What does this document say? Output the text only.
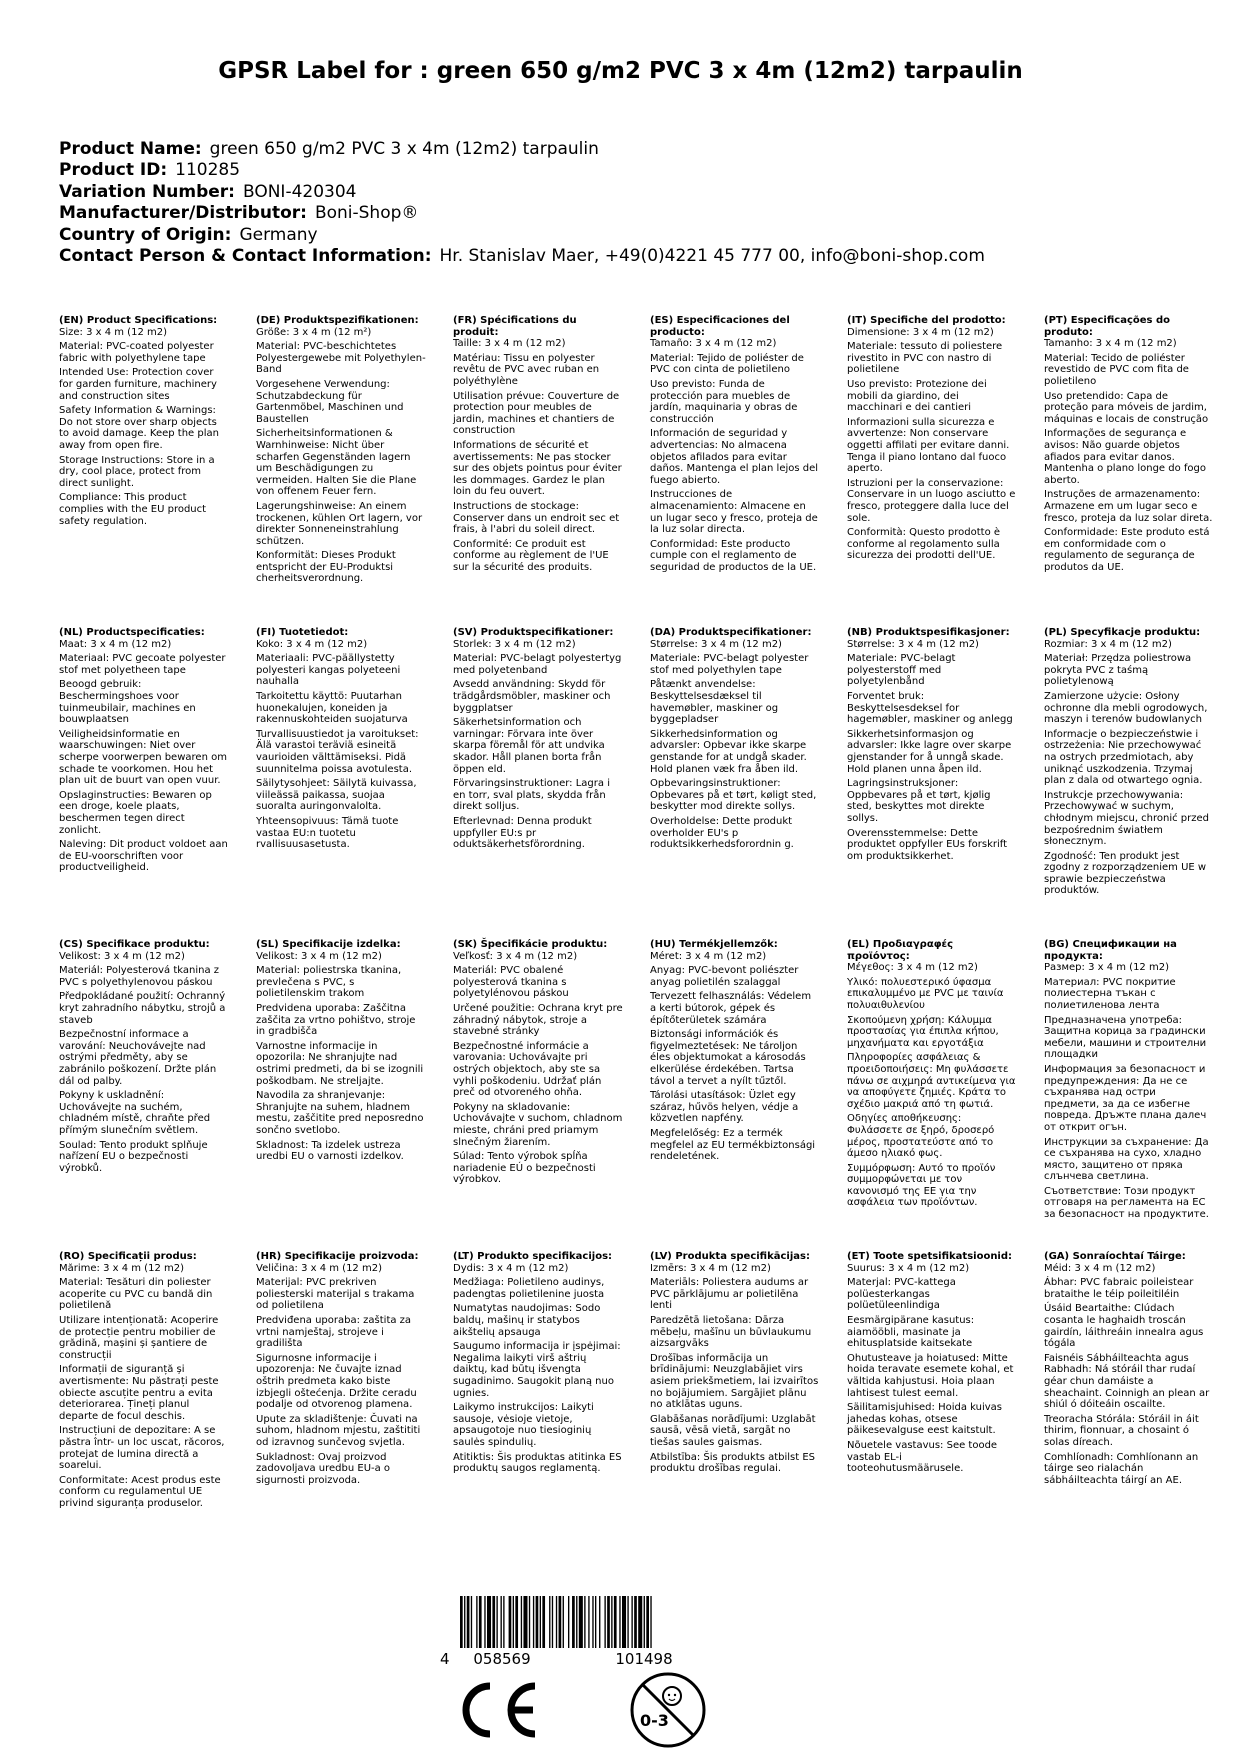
GPSR Label for : green 650 g/m2 PVC 3 x 4m (12m2) tarpaulin
Product Name: green 650 g/m2 PVC 3 x 4m (12m2) tarpaulin
Product ID: 110285
Variation Number: BONI-420304
Manufacturer/Distributor: Boni-Shop®
Country of Origin: Germany
Contact Person & Contact Information: Hr. Stanislav Maer, +49(0)4221 45 777 00, info@boni-shop.com
(EN) Product Specifications:
Size: 3 x 4 m (12 m2)
Material: PVC-coated polyester fabric with polyethylene tape
Intended Use: Protection cover for garden furniture, machinery and construction sites
Safety Information & Warnings: Do not store over sharp objects to avoid damage. Keep the plan away from open fire.
Storage Instructions: Store in a dry, cool place, protect from direct sunlight.
Compliance: This product complies with the EU product safety regulation.
(DE) Produktspezifikationen:
Größe: 3 x 4 m (12 m²)
Material: PVC-beschichtetes Polyestergewebe mit Polyethylen-Band
Vorgesehene Verwendung: Schutzabdeckung für Gartenmöbel, Maschinen und Baustellen
Sicherheitsinformationen & Warnhinweise: Nicht über scharfen Gegenständen lagern um Beschädigungen zu vermeiden. Halten Sie die Plane von offenem Feuer fern.
Lagerungshinweise: An einem trockenen, kühlen Ort lagern, vor direkter Sonneneinstrahlung schützen.
Konformität: Dieses Produkt entspricht der EU-Produktsi cherheitsverordnung.
(FR) Spécifications du produit:
Taille: 3 x 4 m (12 m2)
Matériau: Tissu en polyester revêtu de PVC avec ruban en polyéthylène
Utilisation prévue: Couverture de protection pour meubles de jardin, machines et chantiers de construction
Informations de sécurité et avertissements: Ne pas stocker sur des objets pointus pour éviter les dommages. Gardez le plan loin du feu ouvert.
Instructions de stockage: Conserver dans un endroit sec et frais, à l'abri du soleil direct.
Conformité: Ce produit est conforme au règlement de l'UE sur la sécurité des produits.
(ES) Especificaciones del producto:
Tamaño: 3 x 4 m (12 m2)
Material: Tejido de poliéster de PVC con cinta de polietileno
Uso previsto: Funda de protección para muebles de jardín, maquinaria y obras de construcción
Información de seguridad y advertencias: No almacena objetos afilados para evitar daños. Mantenga el plan lejos del fuego abierto.
Instrucciones de almacenamiento: Almacene en un lugar seco y fresco, proteja de la luz solar directa.
Conformidad: Este producto cumple con el reglamento de seguridad de productos de la UE.
(IT) Specifiche del prodotto:
Dimensione: 3 x 4 m (12 m2)
Materiale: tessuto di poliestere rivestito in PVC con nastro di polietilene
Uso previsto: Protezione dei mobili da giardino, dei macchinari e dei cantieri
Informazioni sulla sicurezza e avvertenze: Non conservare oggetti affilati per evitare danni. Tenga il piano lontano dal fuoco aperto.
Istruzioni per la conservazione: Conservare in un luogo asciutto e fresco, proteggere dalla luce del sole.
Conformità: Questo prodotto è conforme al regolamento sulla sicurezza dei prodotti dell'UE.
(PT) Especificações do produto:
Tamanho: 3 x 4 m (12 m2)
Material: Tecido de poliéster revestido de PVC com fita de polietileno
Uso pretendido: Capa de proteção para móveis de jardim, máquinas e locais de construção
Informações de segurança e avisos: Não guarde objetos afiados para evitar danos. Mantenha o plano longe do fogo aberto.
Instruções de armazenamento: Armazene em um lugar seco e fresco, proteja da luz solar direta.
Conformidade: Este produto está em conformidade com o regulamento de segurança de produtos da UE.
(NL) Productspecificaties:
Maat: 3 x 4 m (12 m2)
Materiaal: PVC gecoate polyester stof met polyetheen tape
Beoogd gebruik: Beschermingshoes voor tuinmeubilair, machines en bouwplaatsen
Veiligheidsinformatie en waarschuwingen: Niet over scherpe voorwerpen bewaren om schade te voorkomen. Hou het plan uit de buurt van open vuur.
Opslaginstructies: Bewaren op een droge, koele plaats, beschermen tegen direct zonlicht.
Naleving: Dit product voldoet aan de EU-voorschriften voor productveiligheid.
(FI) Tuotetiedot:
Koko: 3 x 4 m (12 m2)
Materiaali: PVC-päällystetty polyesteri kangas polyeteeni nauhalla
Tarkoitettu käyttö: Puutarhan huonekalujen, koneiden ja rakennuskohteiden suojaturva
Turvallisuustiedot ja varoitukset: Älä varastoi teräviä esineitä vaurioiden välttämiseksi. Pidä suunnitelma poissa avotulesta.
Säilytysohjeet: Säilytä kuivassa, viileässä paikassa, suojaa suoralta auringonvalolta.
Yhteensopivuus: Tämä tuote vastaa EU:n tuotetu rvallisuusasetusta.
(SV) Produktspecifikationer:
Storlek: 3 x 4 m (12 m2)
Material: PVC-belagt polyestertyg med polyetenband
Avsedd användning: Skydd för trädgårdsmöbler, maskiner och byggplatser
Säkerhetsinformation och varningar: Förvara inte över skarpa föremål för att undvika skador. Håll planen borta från öppen eld.
Förvaringsinstruktioner: Lagra i en torr, sval plats, skydda från direkt solljus.
Efterlevnad: Denna produkt uppfyller EU:s pr oduktsäkerhetsförordning.
(DA) Produktspecifikationer:
Størrelse: 3 x 4 m (12 m2)
Materiale: PVC-belagt polyester stof med polyethylen tape
Påtænkt anvendelse: Beskyttelsesdæksel til havemøbler, maskiner og byggepladser
Sikkerhedsinformation og advarsler: Opbevar ikke skarpe genstande for at undgå skader. Hold planen væk fra åben ild.
Opbevaringsinstruktioner: Opbevares på et tørt, køligt sted, beskytter mod direkte sollys.
Overholdelse: Dette produkt overholder EU's p roduktsikkerhedsforordnin g.
(NB) Produktspesifikasjoner:
Størrelse: 3 x 4 m (12 m2)
Materiale: PVC-belagt polyesterstoff med polyetylenbånd
Forventet bruk: Beskyttelsesdeksel for hagemøbler, maskiner og anlegg
Sikkerhetsinformasjon og advarsler: Ikke lagre over skarpe gjenstander for å unngå skade. Hold planen unna åpen ild.
Lagringsinstruksjoner: Oppbevares på et tørt, kjølig sted, beskyttes mot direkte sollys.
Overensstemmelse: Dette produktet oppfyller EUs forskrift om produktsikkerhet.
(PL) Specyfikacje produktu:
Rozmiar: 3 x 4 m (12 m2)
Materiał: Przędza poliestrowa pokryta PVC z taśmą polietylenową
Zamierzone użycie: Osłony ochronne dla mebli ogrodowych, maszyn i terenów budowlanych
Informacje o bezpieczeństwie i ostrzeżenia: Nie przechowywać na ostrych przedmiotach, aby uniknąć uszkodzenia. Trzymaj plan z dala od otwartego ognia.
Instrukcje przechowywania: Przechowywać w suchym, chłodnym miejscu, chronić przed bezpośrednim światłem słonecznym.
Zgodność: Ten produkt jest zgodny z rozporządzeniem UE w sprawie bezpieczeństwa produktów.
(CS) Specifikace produktu:
Velikost: 3 x 4 m (12 m2)
Materiál: Polyesterová tkanina z PVC s polyethylenovou páskou
Předpokládané použití: Ochranný kryt zahradního nábytku, strojů a staveb
Bezpečnostní informace a varování: Neuchovávejte nad ostrými předměty, aby se zabránilo poškození. Držte plán dál od palby.
Pokyny k uskladnění: Uchovávejte na suchém, chladném místě, chraňte před přímým slunečním světlem.
Soulad: Tento produkt splňuje nařízení EU o bezpečnosti výrobků.
(SL) Specifikacije izdelka:
Velikost: 3 x 4 m (12 m2)
Material: poliestrska tkanina, prevlečena s PVC, s polietilenskim trakom
Predvidena uporaba: Zaščitna zaščita za vrtno pohištvo, stroje in gradbišča
Varnostne informacije in opozorila: Ne shranjujte nad ostrimi predmeti, da bi se izognili poškodbam. Ne streljajte.
Navodila za shranjevanje: Shranjujte na suhem, hladnem mestu, zaščitite pred neposredno sončno svetlobo.
Skladnost: Ta izdelek ustreza uredbi EU o varnosti izdelkov.
(SK) Špecifikácie produktu:
Veľkosť: 3 x 4 m (12 m2)
Materiál: PVC obalené polyesterová tkanina s polyetylénovou páskou
Určené použitie: Ochrana kryt pre záhradný nábytok, stroje a stavebné stránky
Bezpečnostné informácie a varovania: Uchovávajte pri ostrých objektoch, aby ste sa vyhli poškodeniu. Udržať plán preč od otvoreného ohňa.
Pokyny na skladovanie: Uchovávajte v suchom, chladnom mieste, chráni pred priamym slnečným žiarením.
Súlad: Tento výrobok spĺňa nariadenie EÚ o bezpečnosti výrobkov.
(HU) Termékjellemzők:
Méret: 3 x 4 m (12 m2)
Anyag: PVC-bevont poliészter anyag polietilén szalaggal
Tervezett felhasználás: Védelem a kerti bútorok, gépek és építőterületek számára
Biztonsági információk és figyelmeztetések: Ne tároljon éles objektumokat a károsodás elkerülése érdekében. Tartsa távol a tervet a nyílt tűztől.
Tárolási utasítások: Üzlet egy száraz, hűvös helyen, védje a közvetlen napfény.
Megfelelőség: Ez a termék megfelel az EU termékbiztonsági rendeletének.
(EL) Προδιαγραφές προϊόντος:
Μέγεθος: 3 x 4 m (12 m2)
Υλικό: πολυεστερικό ύφασμα επικαλυμμένο με PVC με ταινία πολυαιθυλενίου
Σκοπούμενη χρήση: Κάλυμμα προστασίας για έπιπλα κήπου, μηχανήματα και εργοτάξια
Πληροφορίες ασφάλειας & προειδοποιήσεις: Μη φυλάσσετε πάνω σε αιχμηρά αντικείμενα για να αποφύγετε ζημιές. Κράτα το σχέδιο μακριά από τη φωτιά.
Οδηγίες αποθήκευσης: Φυλάσσετε σε ξηρό, δροσερό μέρος, προστατεύστε από το άμεσο ηλιακό φως.
Συμμόρφωση: Αυτό το προϊόν συμμορφώνεται με τον κανονισμό της ΕΕ για την ασφάλεια των προϊόντων.
(BG) Спецификации на продукта:
Размер: 3 x 4 m (12 m2)
Материал: PVC покритие полиестерна тъкан с полиетиленова лента
Предназначена употреба: Защитна корица за градински мебели, машини и строителни площадки
Информация за безопасност и предупреждения: Да не се съхранява над остри предмети, за да се избегне повреда. Дръжте плана далеч от открит огън.
Инструкции за съхранение: Да се съхранява на сухо, хладно място, защитено от пряка слънчева светлина.
Съответствие: Този продукт отговаря на регламента на ЕС за безопасност на продуктите.
(RO) Specificații produs:
Mărime: 3 x 4 m (12 m2)
Material: Tesături din poliester acoperite cu PVC cu bandă din polietilenă
Utilizare intenționată: Acoperire de protecție pentru mobilier de grădină, mașini și șantiere de construcții
Informații de siguranță și avertismente: Nu păstrați peste obiecte ascuțite pentru a evita deteriorarea. Țineți planul departe de focul deschis.
Instrucțiuni de depozitare: A se păstra într- un loc uscat, răcoros, protejat de lumina directă a soarelui.
Conformitate: Acest produs este conform cu regulamentul UE privind siguranța produselor.
(HR) Specifikacije proizvoda:
Veličina: 3 x 4 m (12 m2)
Materijal: PVC prekriven poliesterski materijal s trakama od polietilena
Predviđena uporaba: zaštita za vrtni namještaj, strojeve i gradilišta
Sigurnosne informacije i upozorenja: Ne čuvajte iznad oštrih predmeta kako biste izbjegli oštećenja. Držite ceradu podalje od otvorenog plamena.
Upute za skladištenje: Čuvati na suhom, hladnom mjestu, zaštititi od izravnog sunčevog svjetla.
Sukladnost: Ovaj proizvod zadovoljava uredbu EU-a o sigurnosti proizvoda.
(LT) Produkto specifikacijos:
Dydis: 3 x 4 m (12 m2)
Medžiaga: Polietileno audinys, padengtas polietilenine juosta
Numatytas naudojimas: Sodo baldų, mašinų ir statybos aikštelių apsauga
Saugumo informacija ir įspėjimai: Negalima laikyti virš aštrių daiktų, kad būtų išvengta sugadinimo. Saugokit planą nuo ugnies.
Laikymo instrukcijos: Laikyti sausoje, vėsioje vietoje, apsaugotoje nuo tiesioginių saulės spindulių.
Atitiktis: Šis produktas atitinka ES produktų saugos reglamentą.
(LV) Produkta specifikācijas:
Izmērs: 3 x 4 m (12 m2)
Materiāls: Poliestera audums ar PVC pārklājumu ar polietilēna lenti
Paredzētā lietošana: Dārza mēbeļu, mašīnu un būvlaukumu aizsargvāks
Drošības informācija un brīdinājumi: Neuzglabājiet virs asiem priekšmetiem, lai izvairītos no bojājumiem. Sargājiet plānu no atklātas uguns.
Glabāšanas norādījumi: Uzglabāt sausā, vēsā vietā, sargāt no tiešas saules gaismas.
Atbilstība: Šis produkts atbilst ES produktu drošības regulai.
(ET) Toote spetsifikatsioonid:
Suurus: 3 x 4 m (12 m2)
Materjal: PVC-kattega polüesterkangas polüetüleenlindiga
Eesmärgipärane kasutus: aiamööbli, masinate ja ehitusplatside kaitsekate
Ohutusteave ja hoiatused: Mitte hoida teravate esemete kohal, et vältida kahjustusi. Hoia plaan lahtisest tulest eemal.
Säilitamisjuhised: Hoida kuivas jahedas kohas, otsese päikesevalguse eest kaitstult.
Nõuetele vastavus: See toode vastab EL-i tooteohutusmäärusele.
(GA) Sonraíochtaí Táirge:
Méid: 3 x 4 m (12 m2)
Ábhar: PVC fabraic poileistear brataithe le téip poileitiléin
Úsáid Beartaithe: Clúdach cosanta le haghaidh troscán gairdín, láithreáin innealra agus tógála
Faisnéis Sábháilteachta agus Rabhadh: Ná stóráil thar rudaí géar chun damáiste a sheachaint. Coinnigh an plean ar shiúl ó dóiteáin oscailte.
Treoracha Stórála: Stóráil in áit thirim, fionnuar, a chosaint ó solas díreach.
Comhlíonadh: Comhlíonann an táirge seo rialachán sábháilteachta táirgí an AE.
4 058569	101498
0-3
